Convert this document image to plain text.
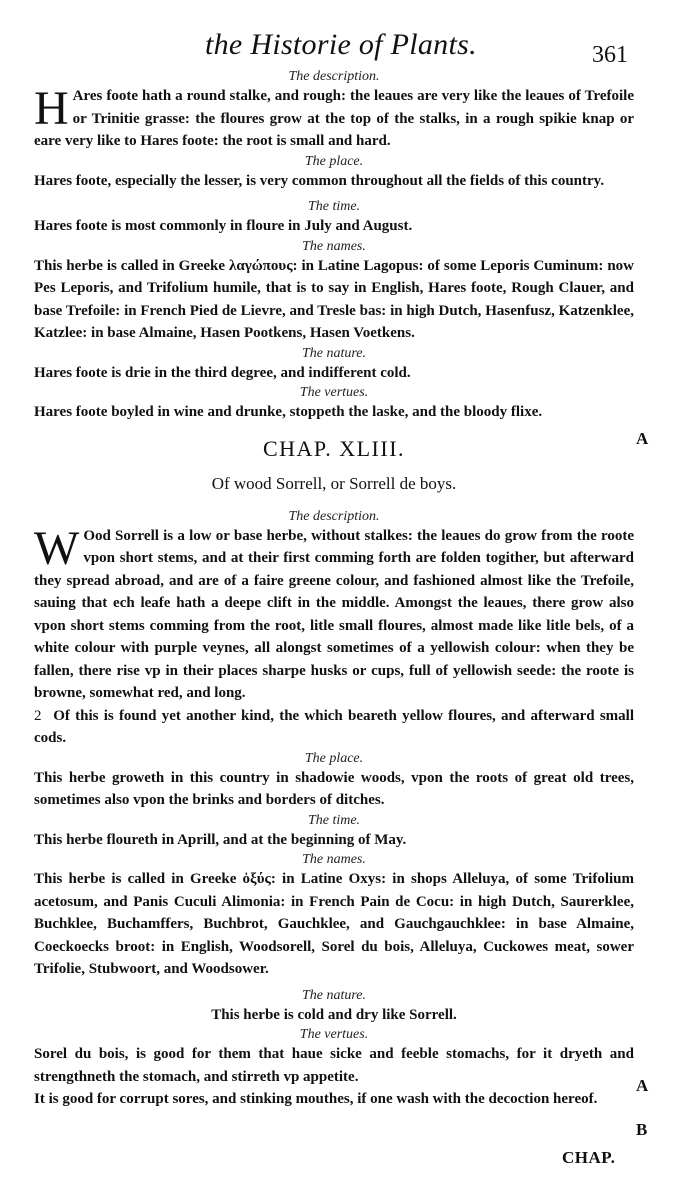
the Historie of Plants.	361

The description.

H Ares foote hath a round stalke, and rough: the leaues are very like the leaues of Trefoile or Trinitie grasse: the floures grow at the top of the stalks, in a rough spikie knap or eare very like to Hares foote: the root is small and hard.

The place.

Hares foote, especially the lesser, is very common throughout all the fields of this country.

The time.

Hares foote is most commonly in floure in July and August.

The names.

This herbe is called in Greeke λαγώπους: in Latine Lagopus: of some Leporis Cuminum: now Pes Leporis, and Trifolium humile, that is to say in English, Hares foote, Rough Clauer, and base Trefoile: in French Pied de Lievre, and Tresle bas: in high Dutch, Hasenfusz, Katzenklee, Katzlee: in base Almaine, Hasen Pootkens, Hasen Voetkens.

The nature.

Hares foote is drie in the third degree, and indifferent cold.

The vertues.

Hares foote boyled in wine and drunke, stoppeth the laske, and the bloody flixe.

CHAP. XLIII.

Of wood Sorrell, or Sorrell de boys.

The description.

W Ood Sorrell is a low or base herbe, without stalkes: the leaues do grow from the roote vpon short stems, and at their first comming forth are folden togither, but afterward they spread abroad, and are of a faire greene colour, and fashioned almost like the Trefoile, sauing that ech leafe hath a deepe clift in the middle. Amongst the leaues, there grow also vpon short stems comming from the root, litle small floures, almost made like litle bels, of a white colour with purple veynes, all alongst sometimes of a yellowish colour: when they be fallen, there rise vp in their places sharpe husks or cups, full of yellowish seede: the roote is browne, somewhat red, and long.

2 Of this is found yet another kind, the which beareth yellow floures, and afterward small cods.

The place.

This herbe groweth in this country in shadowie woods, vpon the roots of great old trees, sometimes also vpon the brinks and borders of ditches.

The time.

This herbe floureth in Aprill, and at the beginning of May.

The names.

This herbe is called in Greeke ὀξύς: in Latine Oxys: in shops Alleluya, of some Trifolium acetosum, and Panis Cuculi Alimonia: in French Pain de Cocu: in high Dutch, Saurerklee, Buchklee, Buchamffers, Buchbrot, Gauchklee, and Gauchgauchklee: in base Almaine, Coeckoecks broot: in English, Woodsorell, Sorel du bois, Alleluya, Cuckowes meat, sower Trifolie, Stubwoort, and Woodsower.

The nature.

This herbe is cold and dry like Sorrell.

The vertues.

Sorel du bois, is good for them that haue sicke and feeble stomachs, for it dryeth and strengthneth the stomach, and stirreth vp appetite.

It is good for corrupt sores, and stinking mouthes, if one wash with the decoction hereof.

A
A
B
CHAP.
